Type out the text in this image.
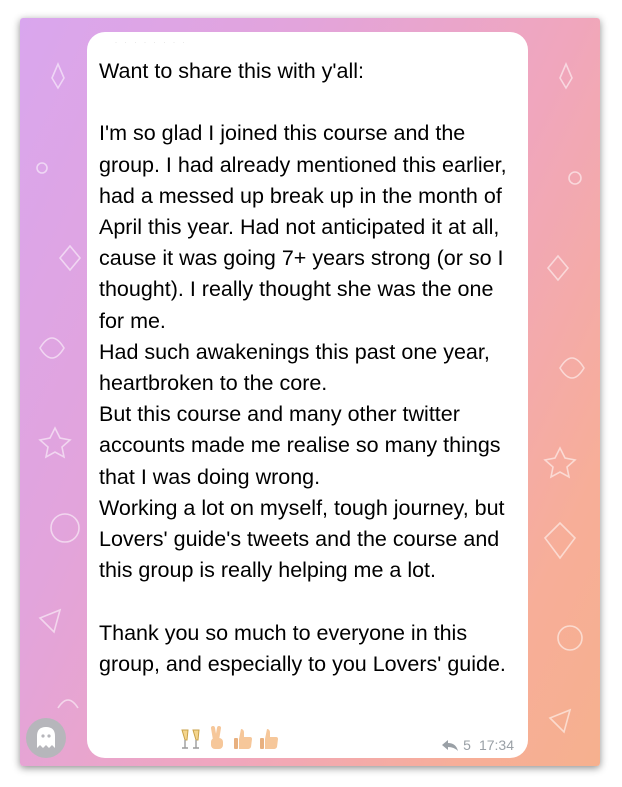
· · · · · · · ·

Want to share this with y'all:

I'm so glad I joined this course and the group. I had already mentioned this earlier, had a messed up break up in the month of April this year. Had not anticipated it at all, cause it was going 7+ years strong (or so I thought). I really thought she was the one for me.
Had such awakenings this past one year, heartbroken to the core.
But this course and many other twitter accounts made me realise so many things that I was doing wrong.
Working a lot on myself, tough journey, but Lovers' guide's tweets and the course and this group is really helping me a lot.

Thank you so much to everyone in this group, and especially to you Lovers' guide.

5 17:34
